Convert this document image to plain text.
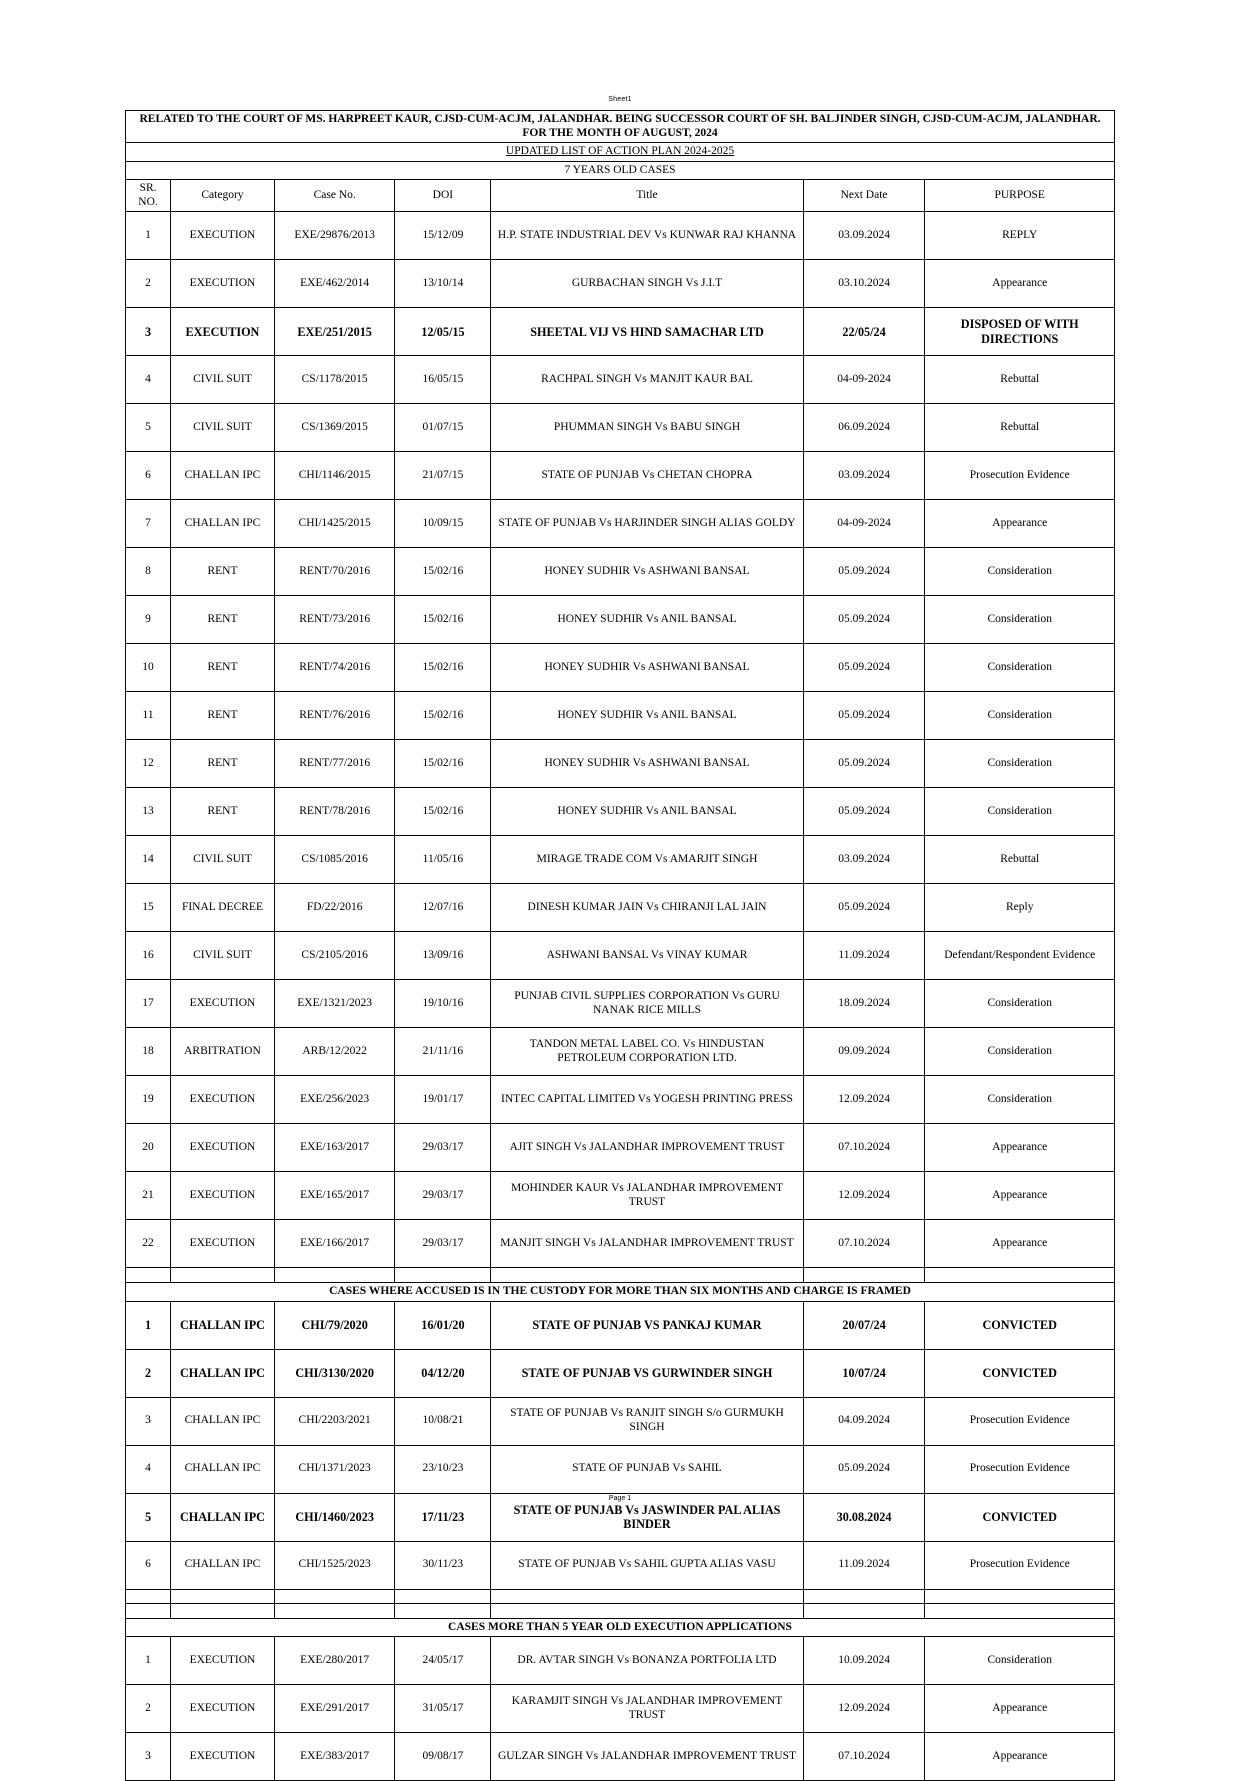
Sheet1
RELATED TO THE COURT OF MS. HARPREET KAUR, CJSD-CUM-ACJM, JALANDHAR. BEING SUCCESSOR COURT OF SH. BALJINDER SINGH, CJSD-CUM-ACJM, JALANDHAR. FOR THE MONTH OF AUGUST, 2024						
UPDATED LIST OF ACTION PLAN 2024-2025						
7 YEARS OLD CASES						
SR.
NO.	Category	Case No.	DOI	Title	Next Date	PURPOSE
1	EXECUTION	EXE/29876/2013	15/12/09	H.P. STATE INDUSTRIAL DEV Vs KUNWAR RAJ KHANNA	03.09.2024	REPLY
2	EXECUTION	EXE/462/2014	13/10/14	GURBACHAN SINGH Vs J.I.T	03.10.2024	Appearance
3	EXECUTION	EXE/251/2015	12/05/15	SHEETAL VIJ VS HIND SAMACHAR LTD	22/05/24	DISPOSED OF WITH DIRECTIONS
4	CIVIL SUIT	CS/1178/2015	16/05/15	RACHPAL SINGH Vs MANJIT KAUR BAL	04-09-2024	Rebuttal
5	CIVIL SUIT	CS/1369/2015	01/07/15	PHUMMAN SINGH Vs BABU SINGH	06.09.2024	Rebuttal
6	CHALLAN IPC	CHI/1146/2015	21/07/15	STATE OF PUNJAB Vs CHETAN CHOPRA	03.09.2024	Prosecution Evidence
7	CHALLAN IPC	CHI/1425/2015	10/09/15	STATE OF PUNJAB Vs HARJINDER SINGH ALIAS GOLDY	04-09-2024	Appearance
8	RENT	RENT/70/2016	15/02/16	HONEY SUDHIR Vs ASHWANI BANSAL	05.09.2024	Consideration
9	RENT	RENT/73/2016	15/02/16	HONEY SUDHIR Vs ANIL BANSAL	05.09.2024	Consideration
10	RENT	RENT/74/2016	15/02/16	HONEY SUDHIR Vs ASHWANI BANSAL	05.09.2024	Consideration
11	RENT	RENT/76/2016	15/02/16	HONEY SUDHIR Vs ANIL BANSAL	05.09.2024	Consideration
12	RENT	RENT/77/2016	15/02/16	HONEY SUDHIR Vs ASHWANI BANSAL	05.09.2024	Consideration
13	RENT	RENT/78/2016	15/02/16	HONEY SUDHIR Vs ANIL BANSAL	05.09.2024	Consideration
14	CIVIL SUIT	CS/1085/2016	11/05/16	MIRAGE TRADE COM Vs AMARJIT SINGH	03.09.2024	Rebuttal
15	FINAL DECREE	FD/22/2016	12/07/16	DINESH KUMAR JAIN Vs CHIRANJI LAL JAIN	05.09.2024	Reply
16	CIVIL SUIT	CS/2105/2016	13/09/16	ASHWANI BANSAL Vs VINAY KUMAR	11.09.2024	Defendant/Respondent Evidence
17	EXECUTION	EXE/1321/2023	19/10/16	PUNJAB CIVIL SUPPLIES CORPORATION Vs GURU NANAK RICE MILLS	18.09.2024	Consideration
18	ARBITRATION	ARB/12/2022	21/11/16	TANDON METAL LABEL CO. Vs HINDUSTAN PETROLEUM CORPORATION LTD.	09.09.2024	Consideration
19	EXECUTION	EXE/256/2023	19/01/17	INTEC CAPITAL LIMITED Vs YOGESH PRINTING PRESS	12.09.2024	Consideration
20	EXECUTION	EXE/163/2017	29/03/17	AJIT SINGH Vs JALANDHAR IMPROVEMENT TRUST	07.10.2024	Appearance
21	EXECUTION	EXE/165/2017	29/03/17	MOHINDER KAUR Vs JALANDHAR IMPROVEMENT TRUST	12.09.2024	Appearance
22	EXECUTION	EXE/166/2017	29/03/17	MANJIT SINGH Vs JALANDHAR IMPROVEMENT TRUST	07.10.2024	Appearance

CASES WHERE ACCUSED IS IN THE CUSTODY FOR MORE THAN SIX MONTHS AND CHARGE IS FRAMED						
1	CHALLAN IPC	CHI/79/2020	16/01/20	STATE OF PUNJAB VS PANKAJ KUMAR	20/07/24	CONVICTED
2	CHALLAN IPC	CHI/3130/2020	04/12/20	STATE OF PUNJAB VS GURWINDER SINGH	10/07/24	CONVICTED
3	CHALLAN IPC	CHI/2203/2021	10/08/21	STATE OF PUNJAB Vs RANJIT SINGH S/o GURMUKH SINGH	04.09.2024	Prosecution Evidence
4	CHALLAN IPC	CHI/1371/2023	23/10/23	STATE OF PUNJAB Vs SAHIL	05.09.2024	Prosecution Evidence
5	CHALLAN IPC	CHI/1460/2023	17/11/23	STATE OF PUNJAB Vs JASWINDER PAL ALIAS BINDER	30.08.2024	CONVICTED
6	CHALLAN IPC	CHI/1525/2023	30/11/23	STATE OF PUNJAB Vs SAHIL GUPTA ALIAS VASU	11.09.2024	Prosecution Evidence

CASES MORE THAN 5 YEAR OLD EXECUTION APPLICATIONS						
1	EXECUTION	EXE/280/2017	24/05/17	DR. AVTAR SINGH Vs BONANZA PORTFOLIA LTD	10.09.2024	Consideration
2	EXECUTION	EXE/291/2017	31/05/17	KARAMJIT SINGH Vs JALANDHAR IMPROVEMENT TRUST	12.09.2024	Appearance
3	EXECUTION	EXE/383/2017	09/08/17	GULZAR SINGH Vs JALANDHAR IMPROVEMENT TRUST	07.10.2024	Appearance
Page 1
